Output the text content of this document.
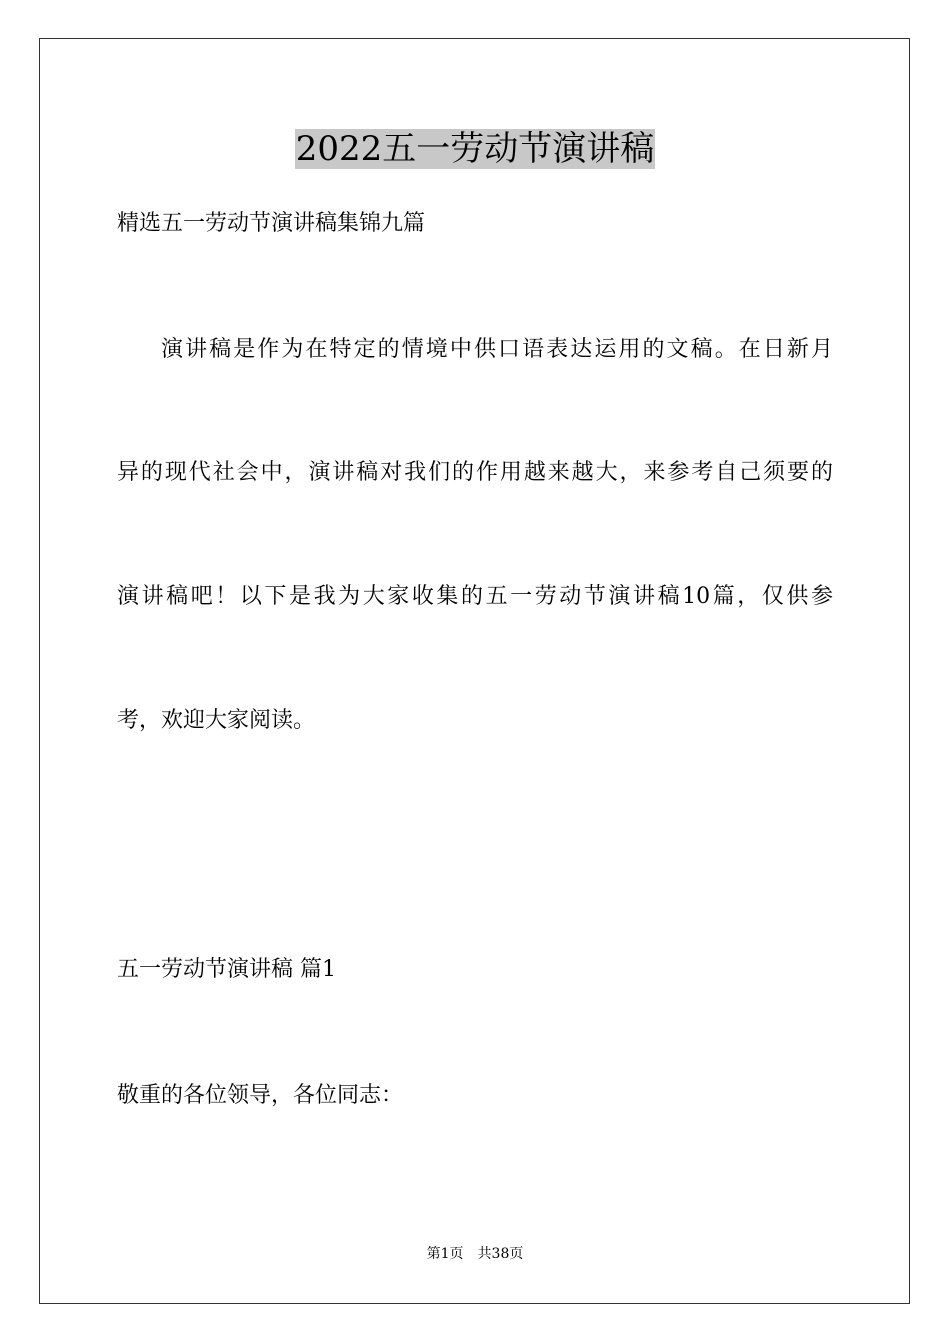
2022五一劳动节演讲稿
精选五一劳动节演讲稿集锦九篇
演讲稿是作为在特定的情境中供口语表达运用的文稿。在日新月
异的现代社会中，演讲稿对我们的作用越来越大，来参考自己须要的
演讲稿吧！以下是我为大家收集的五一劳动节演讲稿10篇，仅供参
考，欢迎大家阅读。
五一劳动节演讲稿 篇1
敬重的各位领导，各位同志：
第1页 共38页
